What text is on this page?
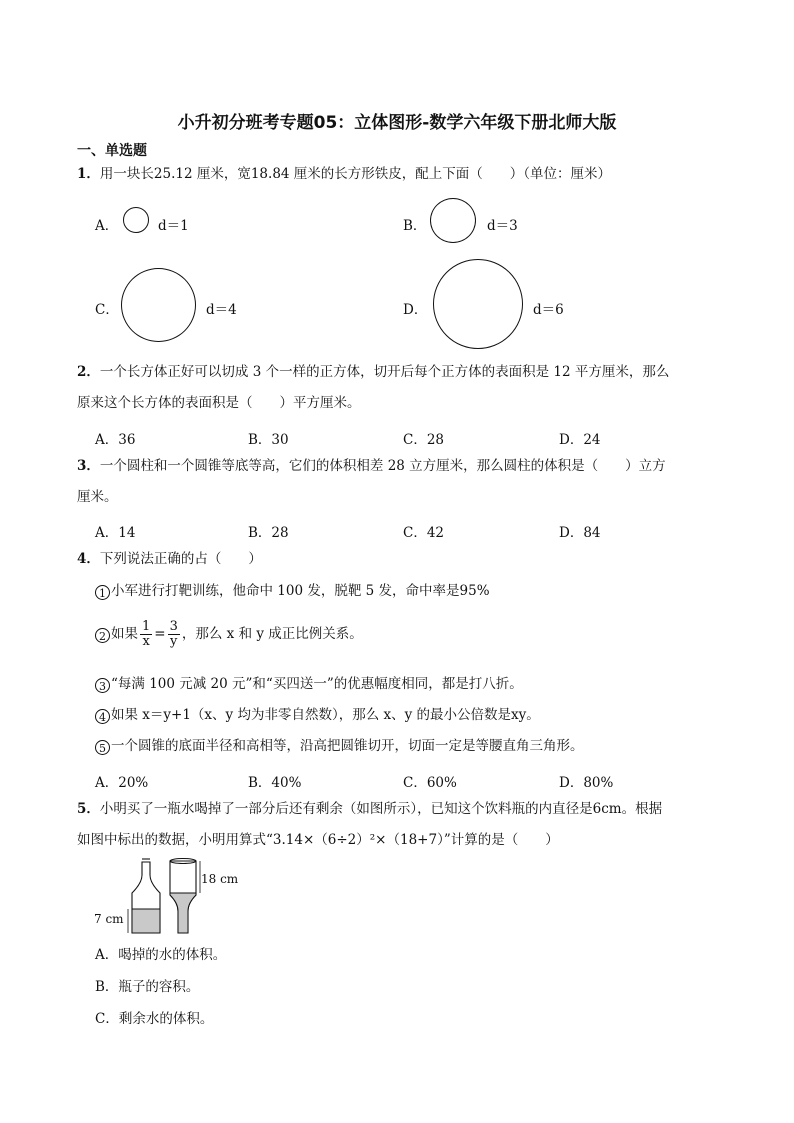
小升初分班考专题05：立体图形-数学六年级下册北师大版
一、单选题
1．用一块长25.12 厘米，宽18.84 厘米的长方形铁皮，配上下面（　　）（单位：厘米）
A．	d＝1	B．	d＝3
C．	d＝4	D．	d＝6
2．一个长方体正好可以切成 3 个一样的正方体，切开后每个正方体的表面积是 12 平方厘米，那么
原来这个长方体的表面积是（　　）平方厘米。
A．36	B．30	C．28	D．24
3．一个圆柱和一个圆锥等底等高，它们的体积相差 28 立方厘米，那么圆柱的体积是（　　）立方
厘米。
A．14	B．28	C．42	D．84
4．下列说法正确的占（　　）
1 小军进行打靶训练，他命中 100 发，脱靶 5 发，命中率是95%
2 如果 $\frac{1}{x} = \frac{3}{y}$ ，那么 x 和 y 成正比例关系。
3 “每满 100 元减 20 元”和“买四送一”的优惠幅度相同，都是打八折。
4 如果 x＝y+1（x、y 均为非零自然数），那么 x、y 的最小公倍数是xy。
5 一个圆锥的底面半径和高相等，沿高把圆锥切开，切面一定是等腰直角三角形。
A．20%	B．40%	C．60%	D．80%
5．小明买了一瓶水喝掉了一部分后还有剩余（如图所示），已知这个饮料瓶的内直径是6cm。根据
如图中标出的数据，小明用算式“3.14×（6÷2）²×（18+7）”计算的是（　　）
18 cm
7 cm
A．喝掉的水的体积。
B．瓶子的容积。
C．剩余水的体积。
